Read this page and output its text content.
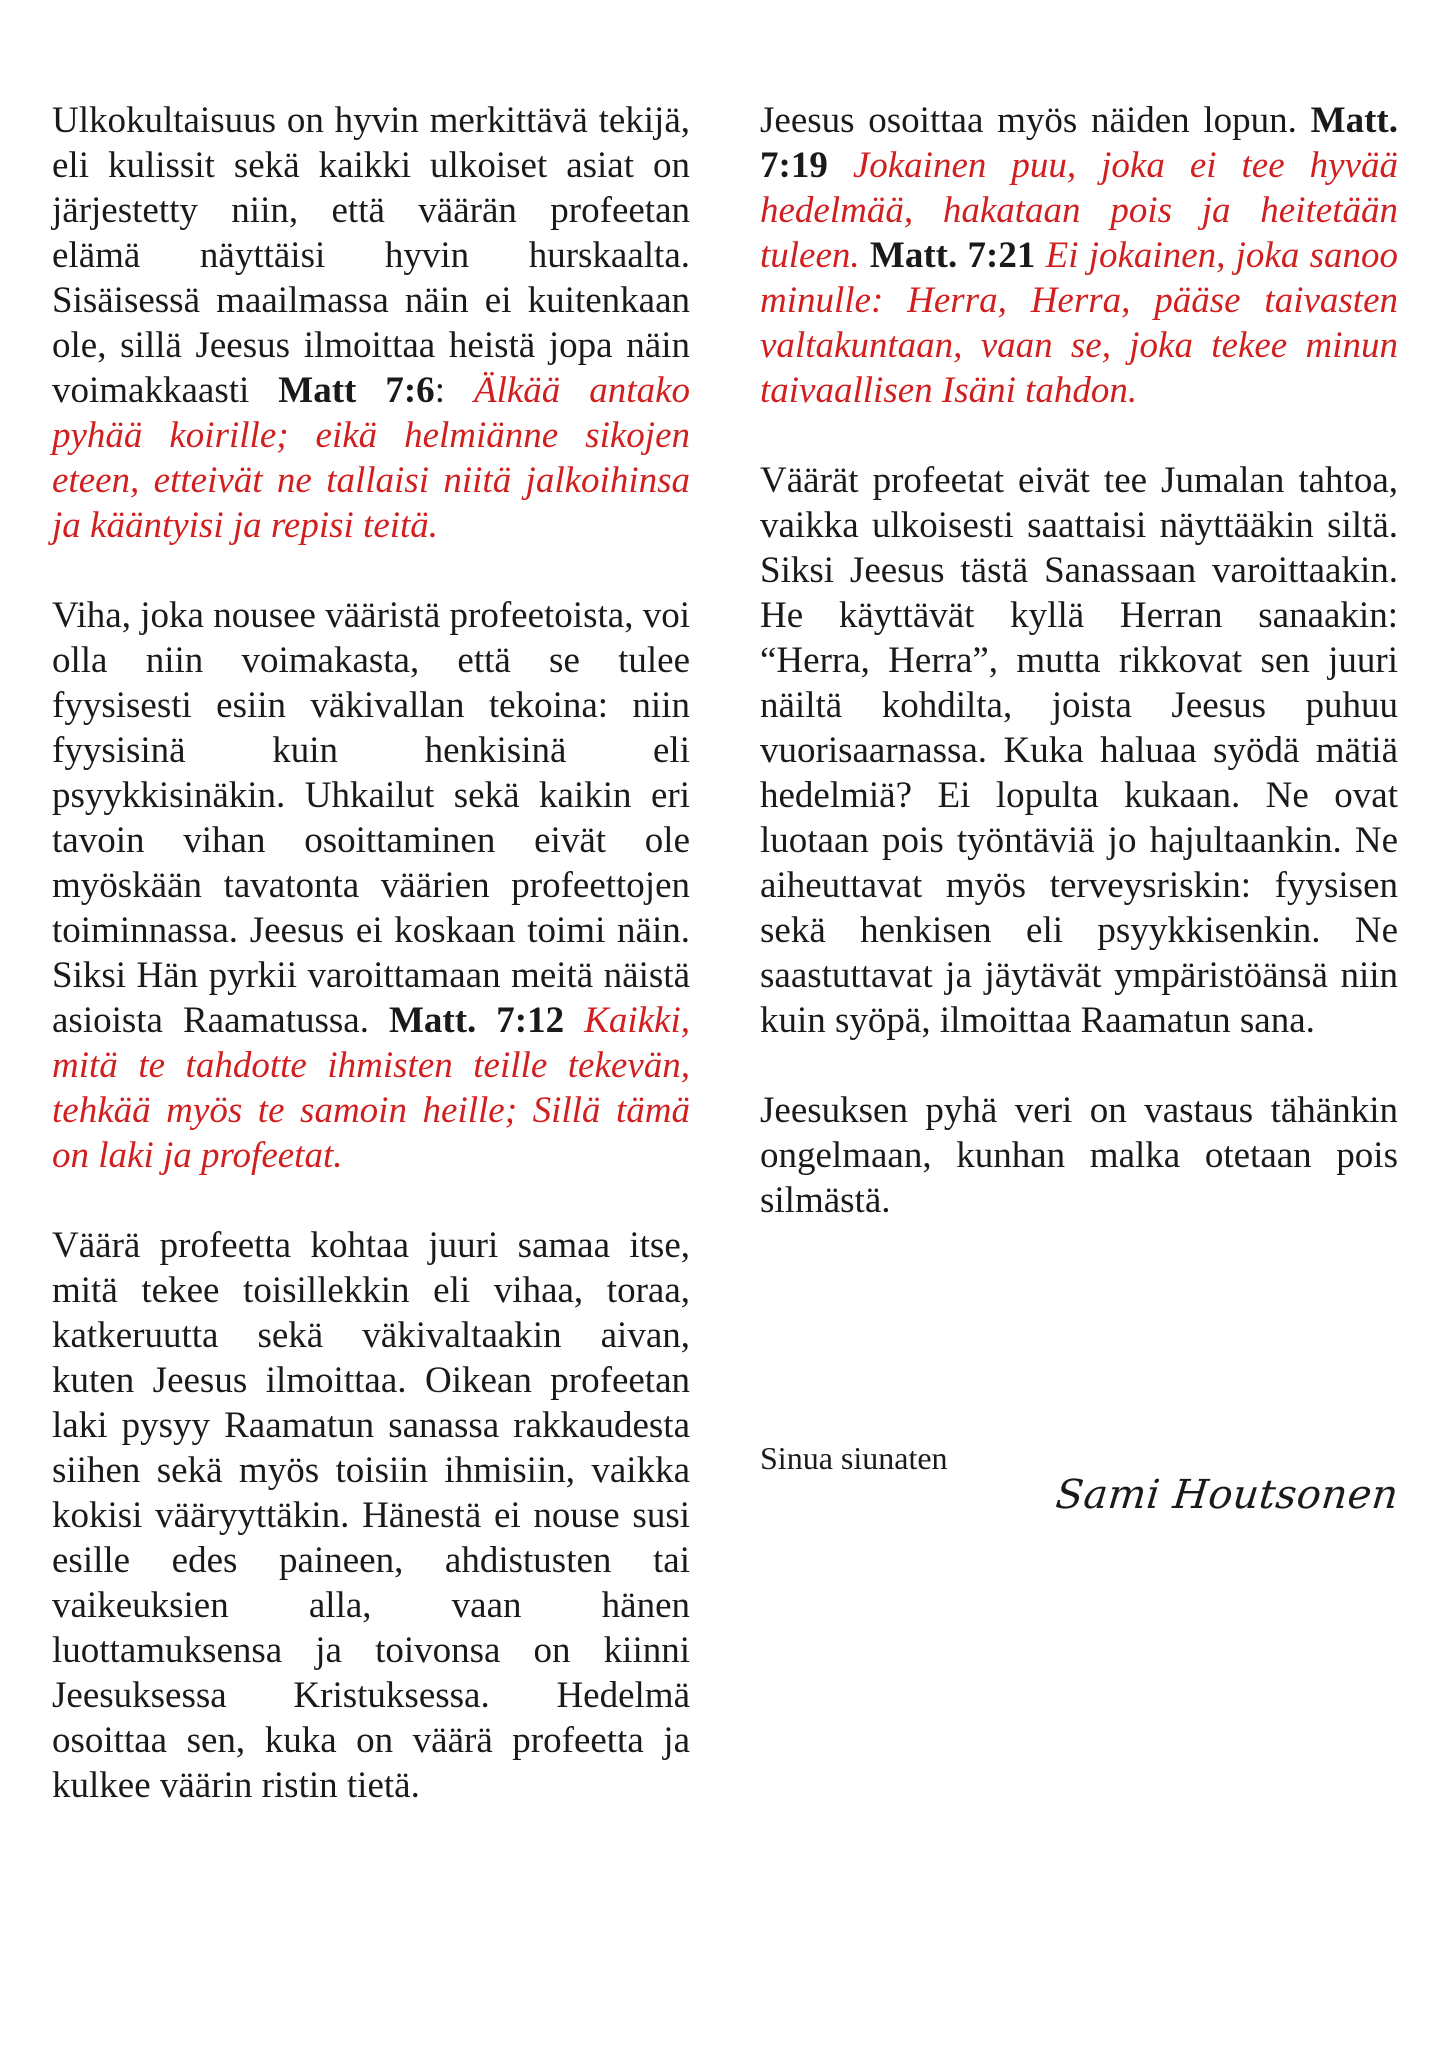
Ulkokultaisuus on hyvin merkittävä tekijä, eli kulissit sekä kaikki ulkoiset asiat on järjestetty niin, että väärän profeetan elämä näyttäisi hyvin hurskaalta. Sisäisessä maailmassa näin ei kuitenkaan ole, sillä Jeesus ilmoittaa heistä jopa näin voimakkaasti Matt 7:6: Älkää antako pyhää koirille; eikä helmiänne sikojen eteen, etteivät ne tallaisi niitä jalkoihinsa ja kääntyisi ja repisi teitä.

Viha, joka nousee vääristä profeetoista, voi olla niin voimakasta, että se tulee fyysisesti esiin väkivallan tekoina: niin fyysisinä kuin henkisinä eli psyykkisinäkin. Uhkailut sekä kaikin eri tavoin vihan osoittaminen eivät ole myöskään tavatonta väärien profeettojen toiminnassa. Jeesus ei koskaan toimi näin. Siksi Hän pyrkii varoittamaan meitä näistä asioista Raamatussa. Matt. 7:12 Kaikki, mitä te tahdotte ihmisten teille tekevän, tehkää myös te samoin heille; Sillä tämä on laki ja profeetat.

Väärä profeetta kohtaa juuri samaa itse, mitä tekee toisillekkin eli vihaa, toraa, katkeruutta sekä väkivaltaakin aivan, kuten Jeesus ilmoittaa. Oikean profeetan laki pysyy Raamatun sanassa rakkaudesta siihen sekä myös toisiin ihmisiin, vaikka kokisi vääryyttäkin. Hänestä ei nouse susi esille edes paineen, ahdistusten tai vaikeuksien alla, vaan hänen luottamuksensa ja toivonsa on kiinni Jeesuksessa Kristuksessa. Hedelmä osoittaa sen, kuka on väärä profeetta ja kulkee väärin ristin tietä.

Jeesus osoittaa myös näiden lopun. Matt. 7:19 Jokainen puu, joka ei tee hyvää hedelmää, hakataan pois ja heitetään tuleen. Matt. 7:21 Ei jokainen, joka sanoo minulle: Herra, Herra, pääse taivasten valtakuntaan, vaan se, joka tekee minun taivaallisen Isäni tahdon.

Väärät profeetat eivät tee Jumalan tahtoa, vaikka ulkoisesti saattaisi näyttääkin siltä. Siksi Jeesus tästä Sanassaan varoittaakin. He käyttävät kyllä Herran sanaakin: “Herra, Herra”, mutta rikkovat sen juuri näiltä kohdilta, joista Jeesus puhuu vuorisaarnassa. Kuka haluaa syödä mätiä hedelmiä? Ei lopulta kukaan. Ne ovat luotaan pois työntäviä jo hajultaankin. Ne aiheuttavat myös terveysriskin: fyysisen sekä henkisen eli psyykkisenkin. Ne saastuttavat ja jäytävät ympäristöänsä niin kuin syöpä, ilmoittaa Raamatun sana.

Jeesuksen pyhä veri on vastaus tähänkin ongelmaan, kunhan malka otetaan pois silmästä.

Sinua siunaten

Sami Houtsonen
